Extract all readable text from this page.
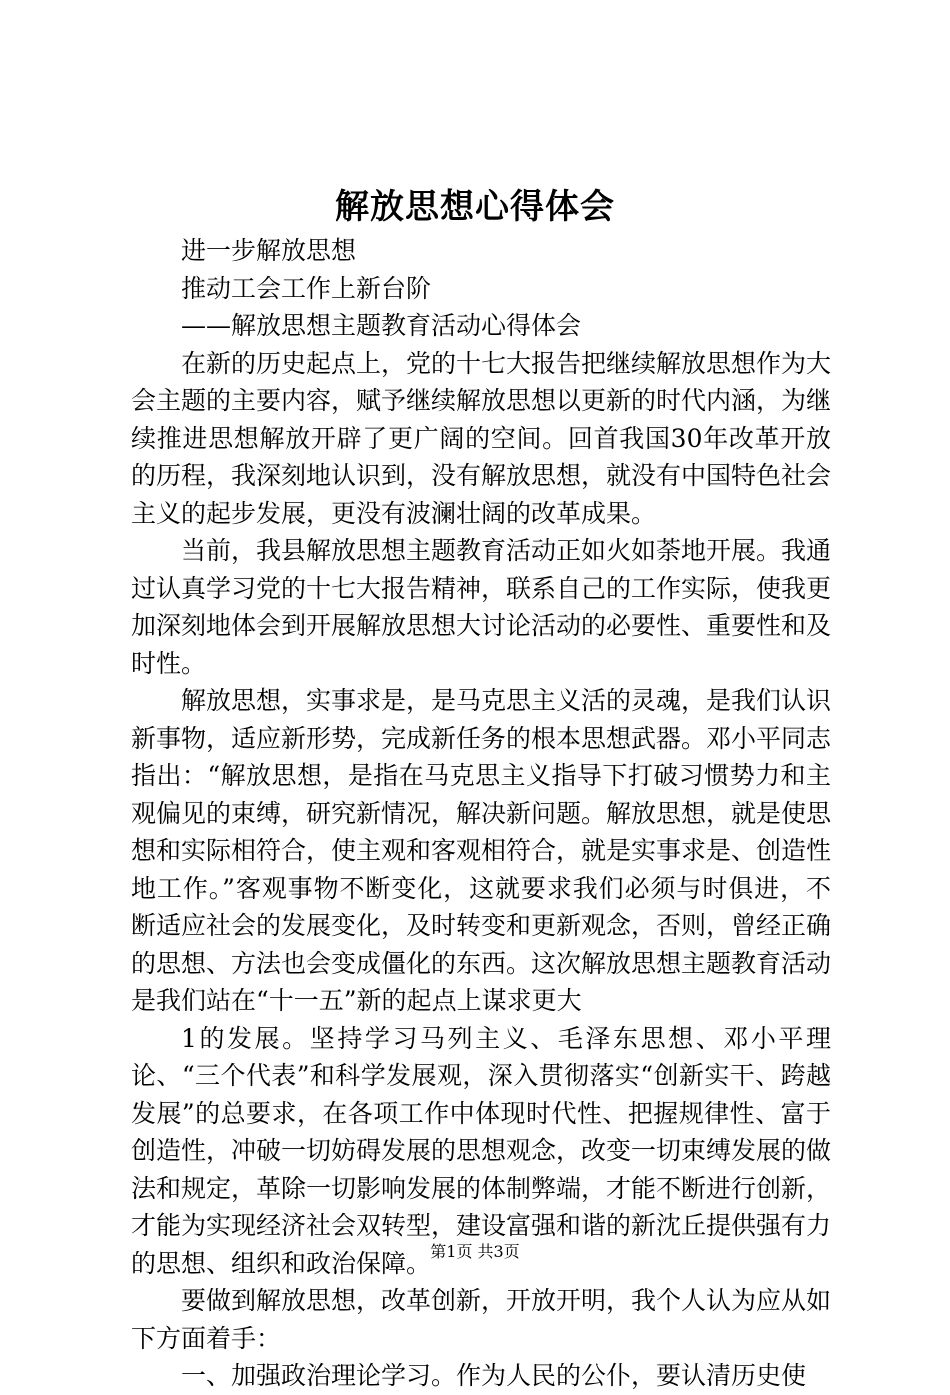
解放思想心得体会

进一步解放思想

推动工会工作上新台阶

——解放思想主题教育活动心得体会

在新的历史起点上，党的十七大报告把继续解放思想作为大会主题的主要内容，赋予继续解放思想以更新的时代内涵，为继续推进思想解放开辟了更广阔的空间。回首我国30年改革开放的历程，我深刻地认识到，没有解放思想，就没有中国特色社会主义的起步发展，更没有波澜壮阔的改革成果。

当前，我县解放思想主题教育活动正如火如荼地开展。我通过认真学习党的十七大报告精神，联系自己的工作实际，使我更加深刻地体会到开展解放思想大讨论活动的必要性、重要性和及时性。

解放思想，实事求是，是马克思主义活的灵魂，是我们认识新事物，适应新形势，完成新任务的根本思想武器。邓小平同志指出：“解放思想，是指在马克思主义指导下打破习惯势力和主观偏见的束缚，研究新情况，解决新问题。解放思想，就是使思想和实际相符合，使主观和客观相符合，就是实事求是、创造性地工作。”客观事物不断变化，这就要求我们必须与时俱进，不断适应社会的发展变化，及时转变和更新观念，否则，曾经正确的思想、方法也会变成僵化的东西。这次解放思想主题教育活动是我们站在“十一五”新的起点上谋求更大

1的发展。坚持学习马列主义、毛泽东思想、邓小平理论、“三个代表”和科学发展观，深入贯彻落实“创新实干、跨越发展”的总要求，在各项工作中体现时代性、把握规律性、富于创造性，冲破一切妨碍发展的思想观念，改变一切束缚发展的做法和规定，革除一切影响发展的体制弊端，才能不断进行创新，才能为实现经济社会双转型，建设富强和谐的新沈丘提供强有力的思想、组织和政治保障。

要做到解放思想，改革创新，开放开明，我个人认为应从如下方面着手：

一、加强政治理论学习。作为人民的公仆，要认清历史使

第1页 共3页
